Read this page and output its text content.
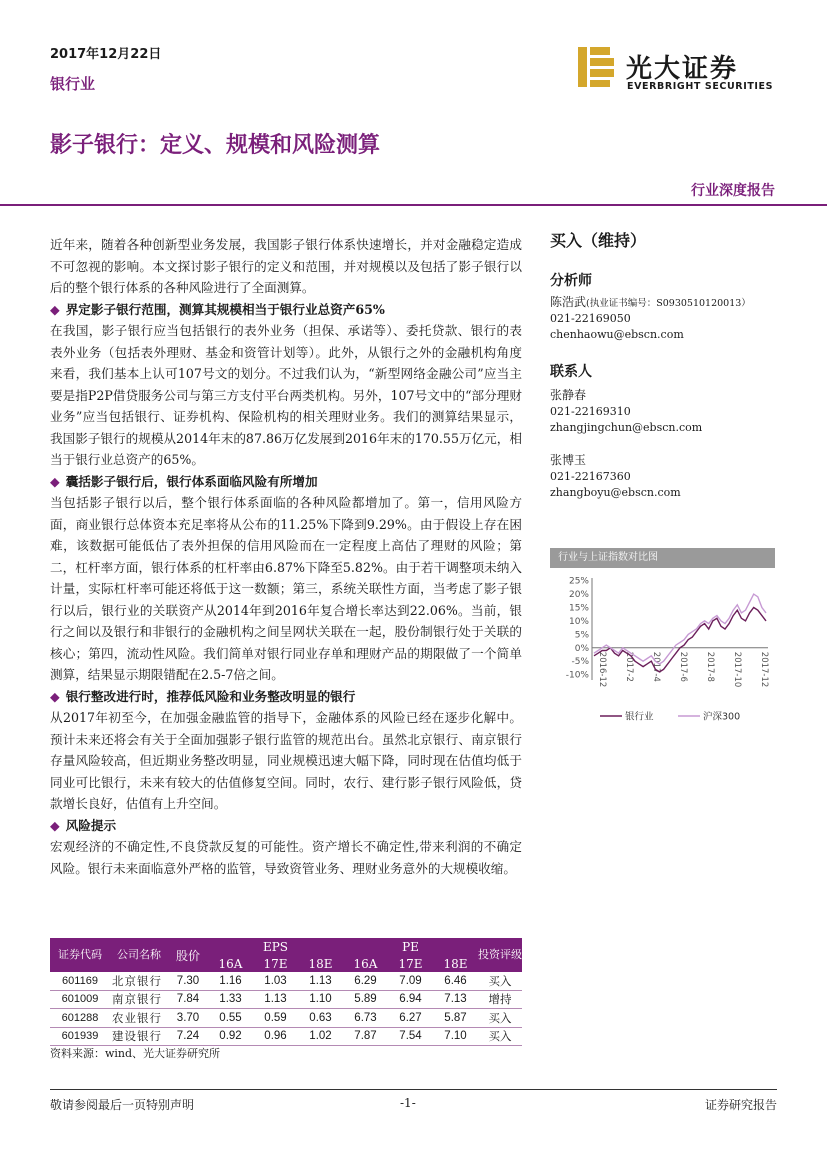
2017年12月22日
银行业	光大证券
EVERBRIGHT SECURITIES
影子银行：定义、规模和风险测算
行业深度报告

近年来，随着各种创新型业务发展，我国影子银行体系快速增长，并对金融稳定造成不可忽视的影响。本文探讨影子银行的定义和范围，并对规模以及包括了影子银行以后的整个银行体系的各种风险进行了全面测算。

◆ 界定影子银行范围，测算其规模相当于银行业总资产65%

在我国，影子银行应当包括银行的表外业务（担保、承诺等）、委托贷款、银行的表表外业务（包括表外理财、基金和资管计划等）。此外，从银行之外的金融机构角度来看，我们基本上认可107号文的划分。不过我们认为，“新型网络金融公司”应当主要是指P2P借贷服务公司与第三方支付平台两类机构。另外，107号文中的“部分理财业务”应当包括银行、证券机构、保险机构的相关理财业务。我们的测算结果显示，我国影子银行的规模从2014年末的87.86万亿发展到2016年末的170.55万亿元，相当于银行业总资产的65%。

◆ 囊括影子银行后，银行体系面临风险有所增加

当包括影子银行以后，整个银行体系面临的各种风险都增加了。第一，信用风险方面，商业银行总体资本充足率将从公布的11.25%下降到9.29%。由于假设上存在困难，该数据可能低估了表外担保的信用风险而在一定程度上高估了理财的风险；第二，杠杆率方面，银行体系的杠杆率由6.87%下降至5.82%。由于若干调整项未纳入计量，实际杠杆率可能还将低于这一数额；第三，系统关联性方面，当考虑了影子银行以后，银行业的关联资产从2014年到2016年复合增长率达到22.06%。当前，银行之间以及银行和非银行的金融机构之间呈网状关联在一起，股份制银行处于关联的核心；第四，流动性风险。我们简单对银行同业存单和理财产品的期限做了一个简单测算，结果显示期限错配在2.5-7倍之间。

◆ 银行整改进行时，推荐低风险和业务整改明显的银行

从2017年初至今，在加强金融监管的指导下，金融体系的风险已经在逐步化解中。预计未来还将会有关于全面加强影子银行监管的规范出台。虽然北京银行、南京银行存量风险较高，但近期业务整改明显，同业规模迅速大幅下降，同时现在估值均低于同业可比银行，未来有较大的估值修复空间。同时，农行、建行影子银行风险低，贷款增长良好，估值有上升空间。

◆ 风险提示

宏观经济的不确定性,不良贷款反复的可能性。资产增长不确定性,带来利润的不确定风险。银行未来面临意外严格的监管，导致资管业务、理财业务意外的大规模收缩。

买入（维持）
分析师
陈浩武(执业证书编号：S0930510120013）
021-22169050
chenhaowu@ebscn.com
联系人
张静春
021-22169310
zhangjingchun@ebscn.com
张博玉
021-22167360
zhangboyu@ebscn.com
行业与上证指数对比图
-10%
-5%
0%
5%
10%
15%
20%
25%
2016-12 2017-2 2017-4 2017-6 2017-8 2017-10 2017-12
银行业	沪深300
证券代码	公司名称	股价	EPS			PE			投资评级
			16A	17E	18E	16A	17E	18E	
601169	北京银行	7.30	1.16	1.03	1.13	6.29	7.09	6.46	买入
601009	南京银行	7.84	1.33	1.13	1.10	5.89	6.94	7.13	增持
601288	农业银行	3.70	0.55	0.59	0.63	6.73	6.27	5.87	买入
601939	建设银行	7.24	0.92	0.96	1.02	7.87	7.54	7.10	买入
资料来源：wind、光大证券研究所
敬请参阅最后一页特别声明	-1-	证券研究报告
